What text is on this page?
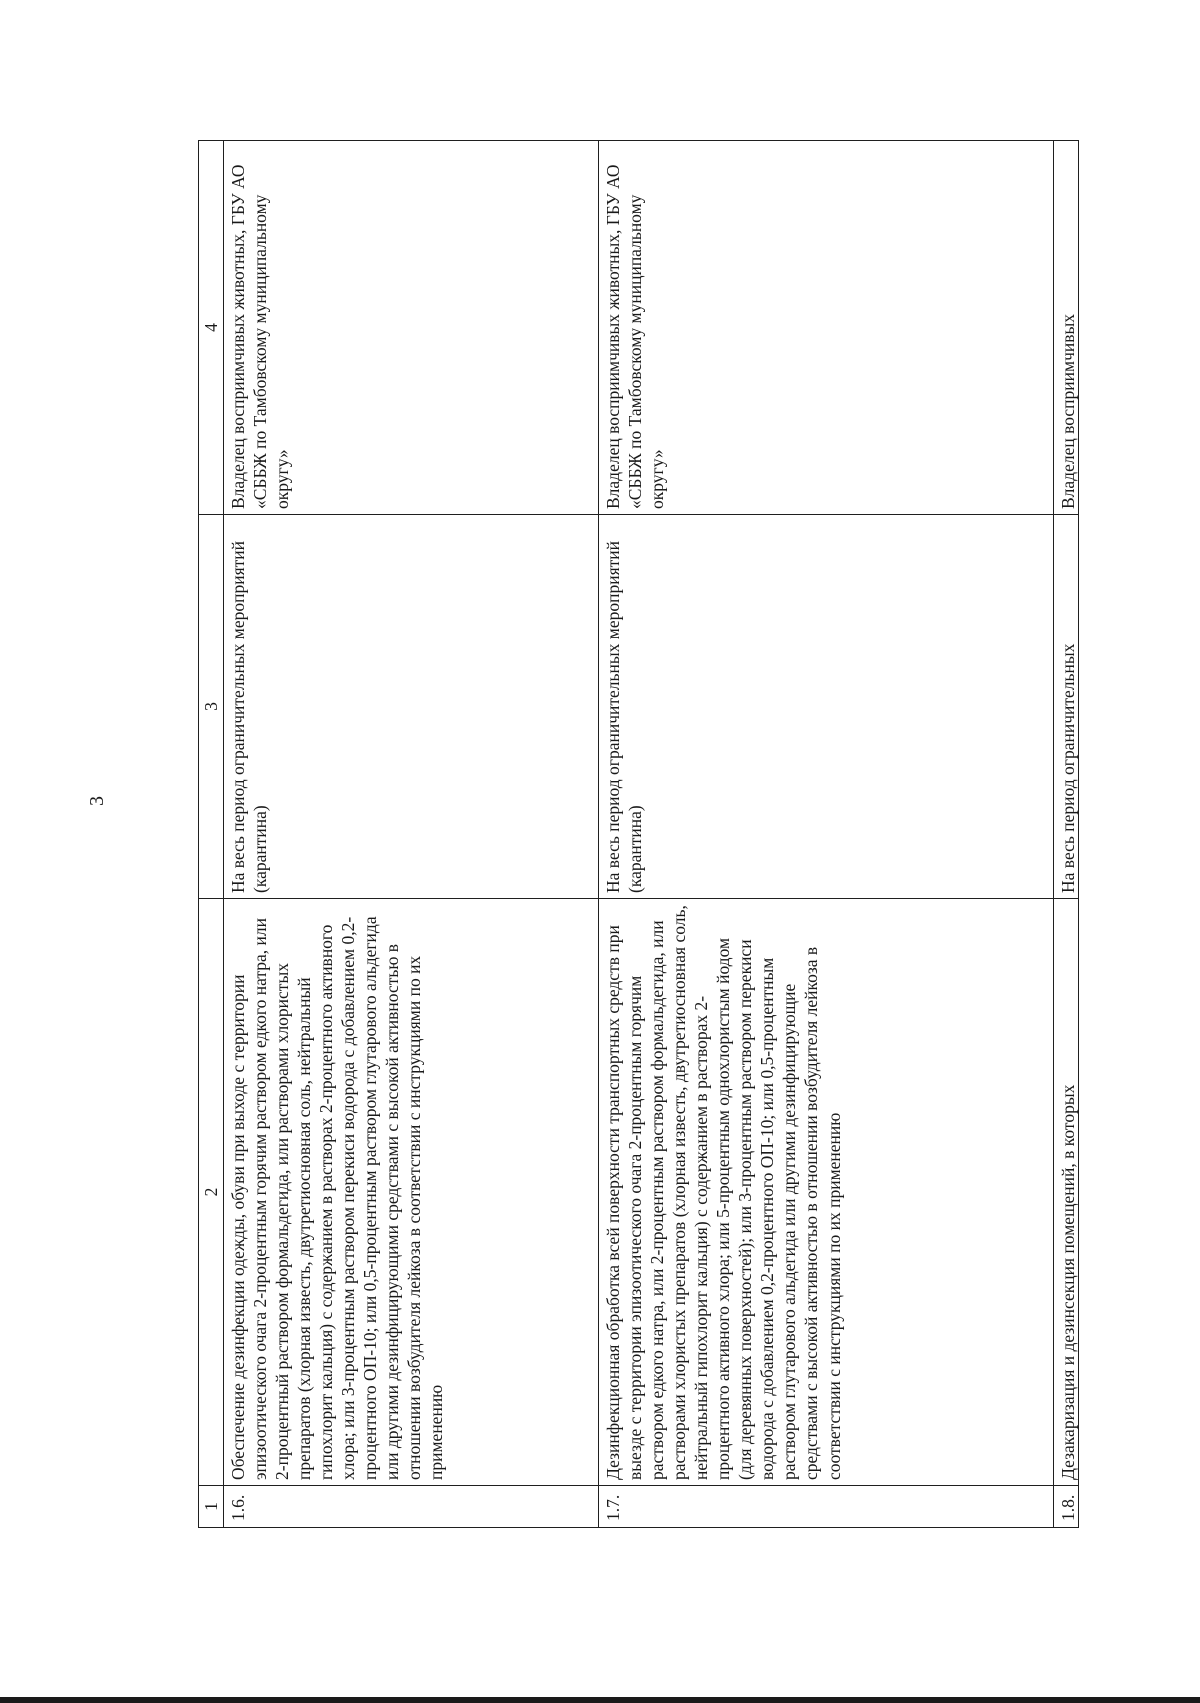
3
1	2	3	4
1.6.	Обеспечение дезинфекции одежды, обуви при выходе с территории эпизоотического очага 2-процентным горячим раствором едкого натра, или 2-процентный раствором формальдегида, или растворами хлористых препаратов (хлорная известь, двутретиосновная соль, нейтральный гипохлорит кальция) с содержанием в растворах 2-процентного активного хлора; или 3-процентным раствором перекиси водорода с добавлением 0,2-процентного ОП-10; или 0,5-процентным раствором глутарового альдегида или другими дезинфицирующими средствами с высокой активностью в отношении возбудителя лейкоза в соответствии с инструкциями по их применению	На весь период ограничительных мероприятий (карантина)	Владелец восприимчивых животных, ГБУ АО «СББЖ по Тамбовскому муниципальному округу»
1.7.	Дезинфекционная обработка всей поверхности транспортных средств при выезде с территории эпизоотического очага 2-процентным горячим раствором едкого натра, или 2-процентным раствором формальдегида, или растворами хлористых препаратов (хлорная известь, двутретиосновная соль, нейтральный гипохлорит кальция) с содержанием в растворах 2-процентного активного хлора; или 5-процентным однохлористым йодом (для деревянных поверхностей); или 3-процентным раствором перекиси водорода с добавлением 0,2-процентного ОП-10; или 0,5-процентным раствором глутарового альдегида или другими дезинфицирующие средствами с высокой активностью в отношении возбудителя лейкоза в соответствии с инструкциями по их применению	На весь период ограничительных мероприятий (карантина)	Владелец восприимчивых животных, ГБУ АО «СББЖ по Тамбовскому муниципальному округу»

1.8.	Дезакаризация и дезинсекция помещений, в которых	На весь период ограничительных	Владелец восприимчивых
